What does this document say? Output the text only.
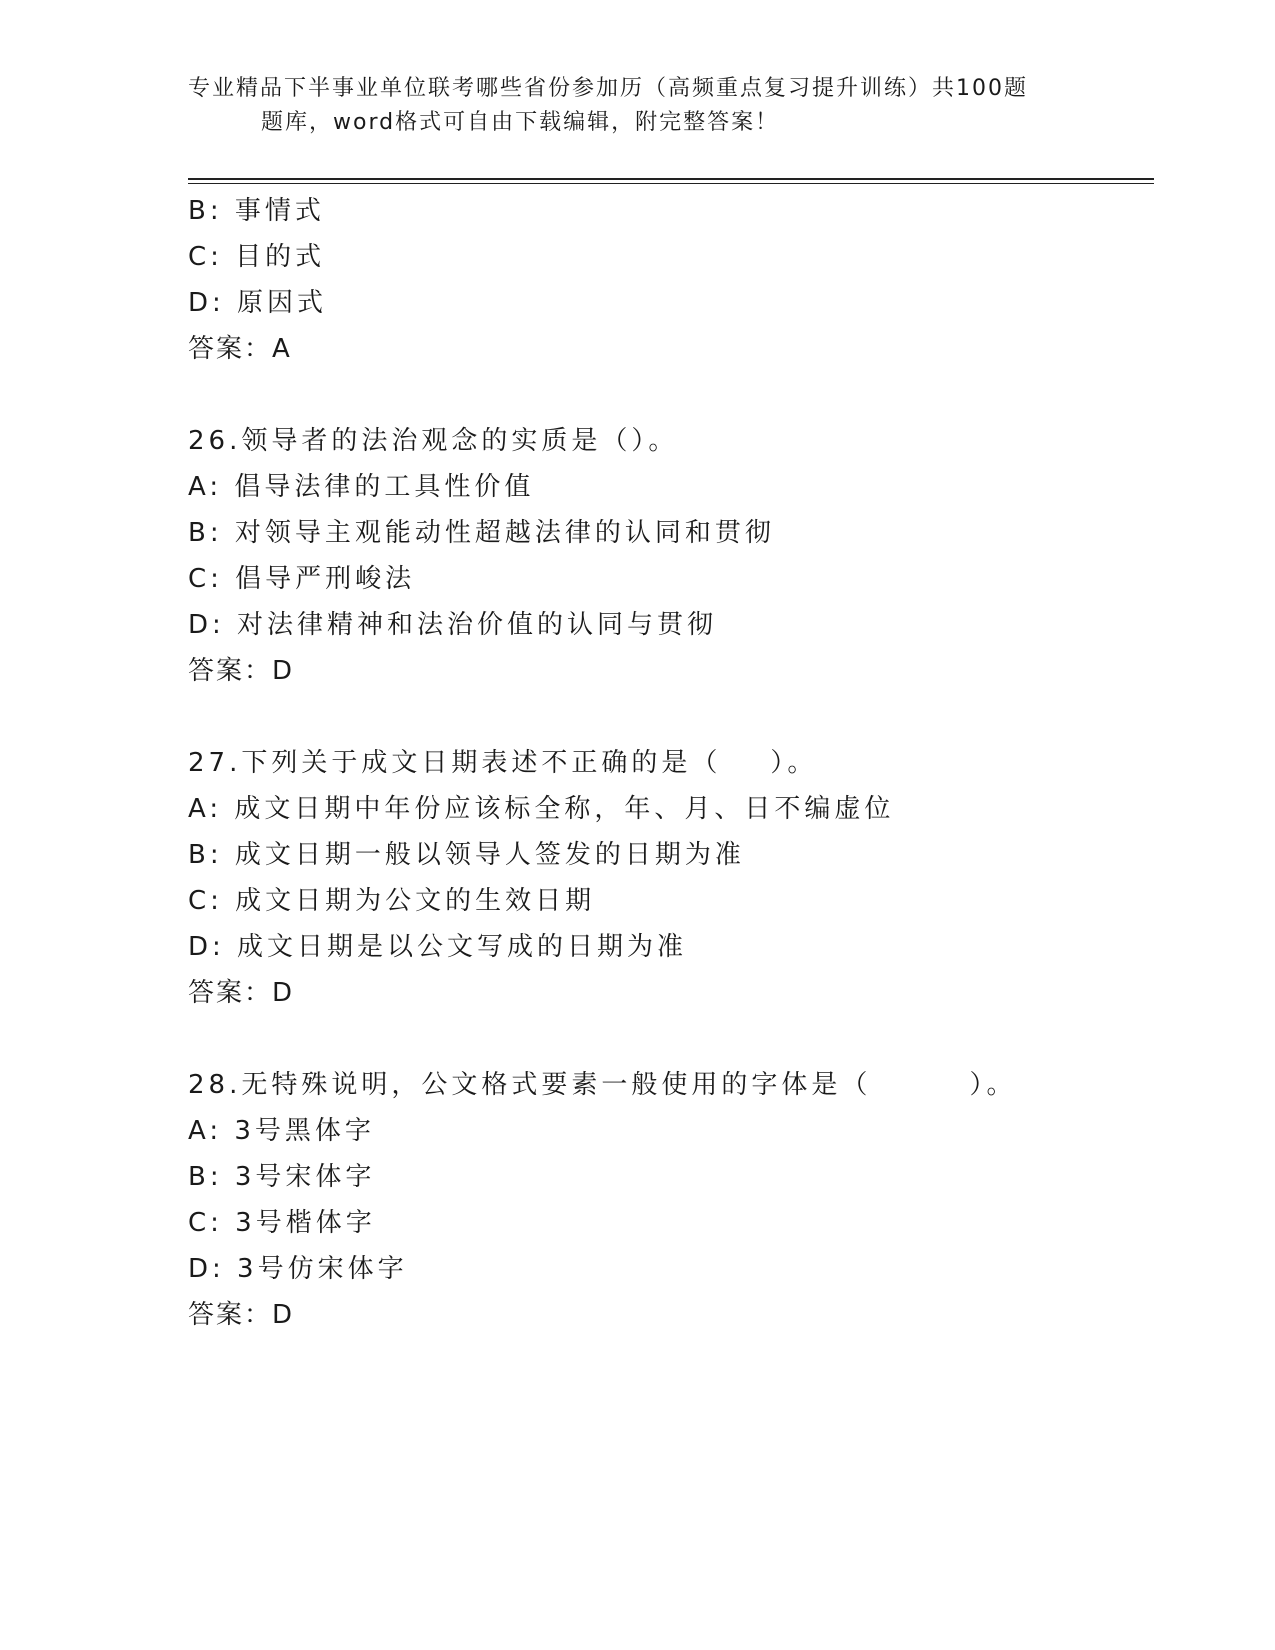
专业精品下半事业单位联考哪些省份参加历（高频重点复习提升训练）共100题
题库，word格式可自由下载编辑，附完整答案！
B: 事情式
C: 目的式
D: 原因式
答案：A
26.领导者的法治观念的实质是（）。
A: 倡导法律的工具性价值
B: 对领导主观能动性超越法律的认同和贯彻
C: 倡导严刑峻法
D: 对法律精神和法治价值的认同与贯彻
答案：D
27.下列关于成文日期表述不正确的是（    ）。
A: 成文日期中年份应该标全称，年、月、日不编虚位
B: 成文日期一般以领导人签发的日期为准
C: 成文日期为公文的生效日期
D: 成文日期是以公文写成的日期为准
答案：D
28.无特殊说明，公文格式要素一般使用的字体是（        ）。
A: 3号黑体字
B: 3号宋体字
C: 3号楷体字
D: 3号仿宋体字
答案：D
